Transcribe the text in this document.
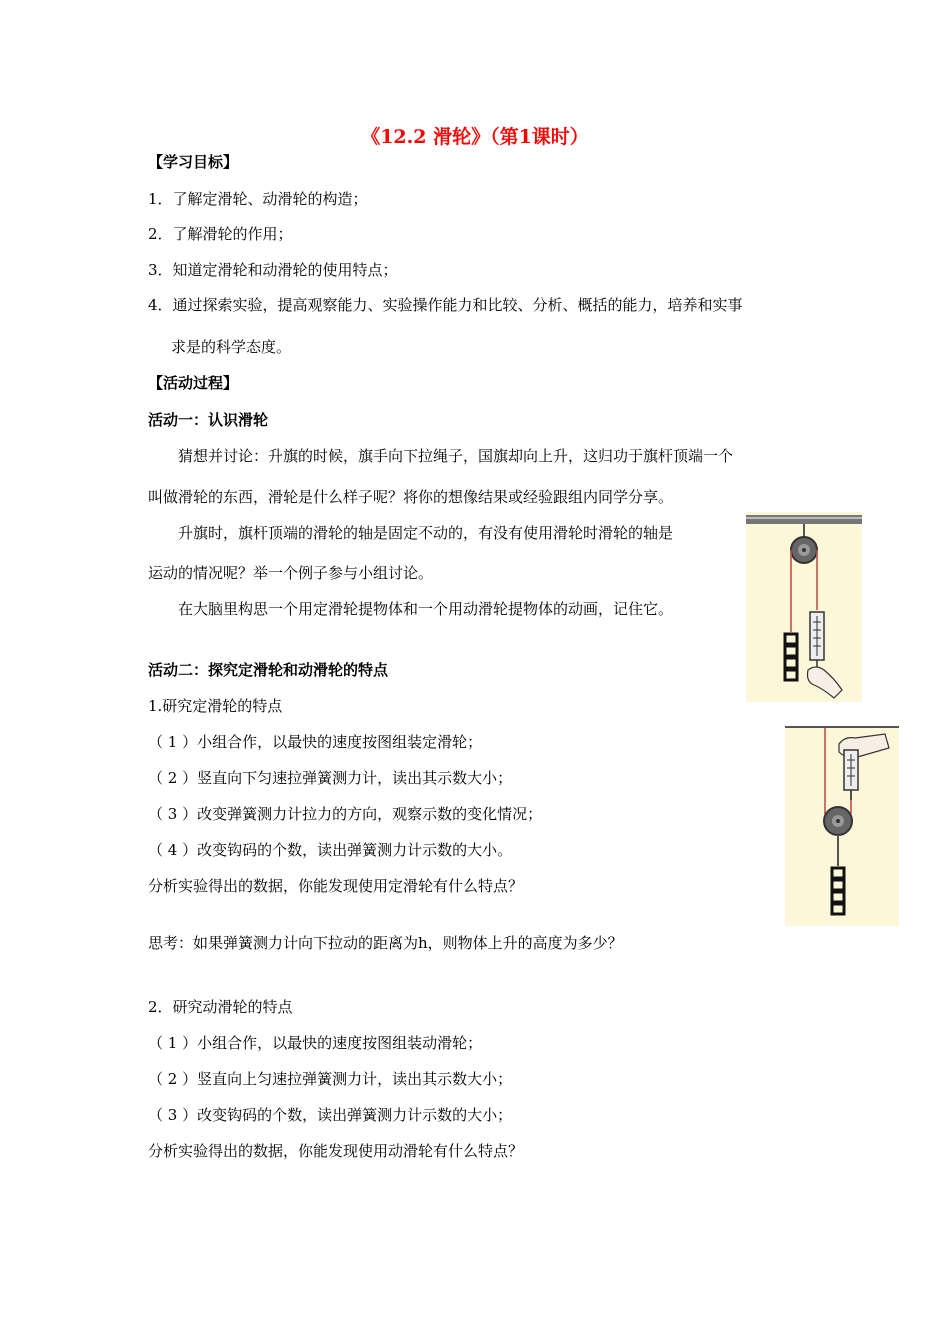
《12.2 滑轮》（第1课时）
【学习目标】
1．了解定滑轮、动滑轮的构造；
2．了解滑轮的作用；
3．知道定滑轮和动滑轮的使用特点；
4．通过探索实验，提高观察能力、实验操作能力和比较、分析、概括的能力，培养和实事
求是的科学态度。
【活动过程】
活动一：认识滑轮
猜想并讨论：升旗的时候，旗手向下拉绳子，国旗却向上升，这归功于旗杆顶端一个
叫做滑轮的东西，滑轮是什么样子呢？将你的想像结果或经验跟组内同学分享。
升旗时，旗杆顶端的滑轮的轴是固定不动的，有没有使用滑轮时滑轮的轴是
运动的情况呢？举一个例子参与小组讨论。
在大脑里构思一个用定滑轮提物体和一个用动滑轮提物体的动画，记住它。
活动二：探究定滑轮和动滑轮的特点
1.研究定滑轮的特点
（ 1 ）小组合作，以最快的速度按图组装定滑轮；
（ 2 ）竖直向下匀速拉弹簧测力计，读出其示数大小；
（ 3 ）改变弹簧测力计拉力的方向，观察示数的变化情况；
（ 4 ）改变钩码的个数，读出弹簧测力计示数的大小。
分析实验得出的数据，你能发现使用定滑轮有什么特点？
思考：如果弹簧测力计向下拉动的距离为h，则物体上升的高度为多少？
2．研究动滑轮的特点
（ 1 ）小组合作，以最快的速度按图组装动滑轮；
（ 2 ）竖直向上匀速拉弹簧测力计，读出其示数大小；
（ 3 ）改变钩码的个数，读出弹簧测力计示数的大小；
分析实验得出的数据，你能发现使用动滑轮有什么特点？
